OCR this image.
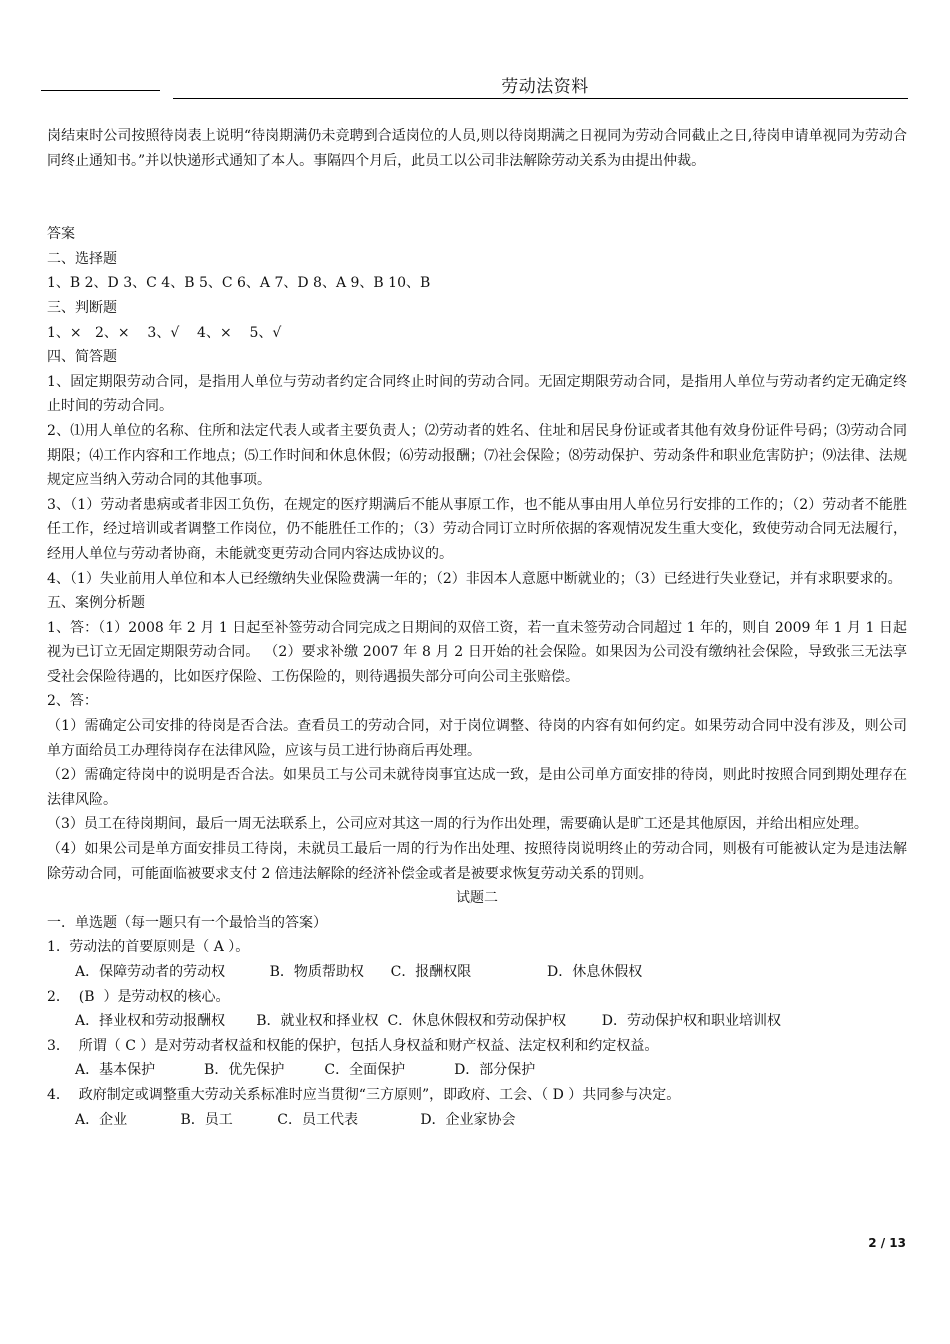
劳动法资料

岗结束时公司按照待岗表上说明“待岗期满仍未竞聘到合适岗位的人员,则以待岗期满之日视同为劳动合同截止之日,待岗申请单视同为劳动合同终止通知书。”并以快递形式通知了本人。事隔四个月后，此员工以公司非法解除劳动关系为由提出仲裁。

答案

二、选择题

1、B 2、D 3、C 4、B 5、C 6、A 7、D 8、A 9、B 10、B

三、判断题

1、×   2、×    3、√    4、×    5、√

四、简答题

1、固定期限劳动合同，是指用人单位与劳动者约定合同终止时间的劳动合同。无固定期限劳动合同，是指用人单位与劳动者约定无确定终止时间的劳动合同。

2、⑴用人单位的名称、住所和法定代表人或者主要负责人；⑵劳动者的姓名、住址和居民身份证或者其他有效身份证件号码；⑶劳动合同期限；⑷工作内容和工作地点；⑸工作时间和休息休假；⑹劳动报酬；⑺社会保险；⑻劳动保护、劳动条件和职业危害防护；⑼法律、法规规定应当纳入劳动合同的其他事项。

3、（1）劳动者患病或者非因工负伤，在规定的医疗期满后不能从事原工作，也不能从事由用人单位另行安排的工作的；（2）劳动者不能胜任工作，经过培训或者调整工作岗位，仍不能胜任工作的；（3）劳动合同订立时所依据的客观情况发生重大变化，致使劳动合同无法履行，经用人单位与劳动者协商，未能就变更劳动合同内容达成协议的。

4、（1）失业前用人单位和本人已经缴纳失业保险费满一年的；（2）非因本人意愿中断就业的；（3）已经进行失业登记，并有求职要求的。

五、案例分析题

1、答：（1）2008 年 2 月 1 日起至补签劳动合同完成之日期间的双倍工资，若一直未签劳动合同超过 1 年的，则自 2009 年 1 月 1 日起视为已订立无固定期限劳动合同。 （2）要求补缴 2007 年 8 月 2 日开始的社会保险。如果因为公司没有缴纳社会保险，导致张三无法享受社会保险待遇的，比如医疗保险、工伤保险的，则待遇损失部分可向公司主张赔偿。

2、答：

（1）需确定公司安排的待岗是否合法。查看员工的劳动合同，对于岗位调整、待岗的内容有如何约定。如果劳动合同中没有涉及，则公司单方面给员工办理待岗存在法律风险，应该与员工进行协商后再处理。

（2）需确定待岗中的说明是否合法。如果员工与公司未就待岗事宜达成一致，是由公司单方面安排的待岗，则此时按照合同到期处理存在法律风险。

（3）员工在待岗期间，最后一周无法联系上，公司应对其这一周的行为作出处理，需要确认是旷工还是其他原因，并给出相应处理。

（4）如果公司是单方面安排员工待岗，未就员工最后一周的行为作出处理、按照待岗说明终止的劳动合同，则极有可能被认定为是违法解除劳动合同，可能面临被要求支付 2 倍违法解除的经济补偿金或者是被要求恢复劳动关系的罚则。

试题二

一．单选题（每一题只有一个最恰当的答案）

1.  劳动法的首要原则是（ A ）。

A．保障劳动者的劳动权          B．物质帮助权      C．报酬权限                 D．休息休假权

2．  (B  ）是劳动权的核心。

A．择业权和劳动报酬权       B．就业权和择业权  C．休息休假权和劳动保护权        D．劳动保护权和职业培训权

3．  所谓（ C ）是对劳动者权益和权能的保护，包括人身权益和财产权益、法定权利和约定权益。

A．基本保护           B．优先保护         C．全面保护           D．部分保护

4．  政府制定或调整重大劳动关系标准时应当贯彻“三方原则”，即政府、工会、（ D ）共同参与决定。

A．企业            B．员工          C．员工代表              D．企业家协会

2 / 13
